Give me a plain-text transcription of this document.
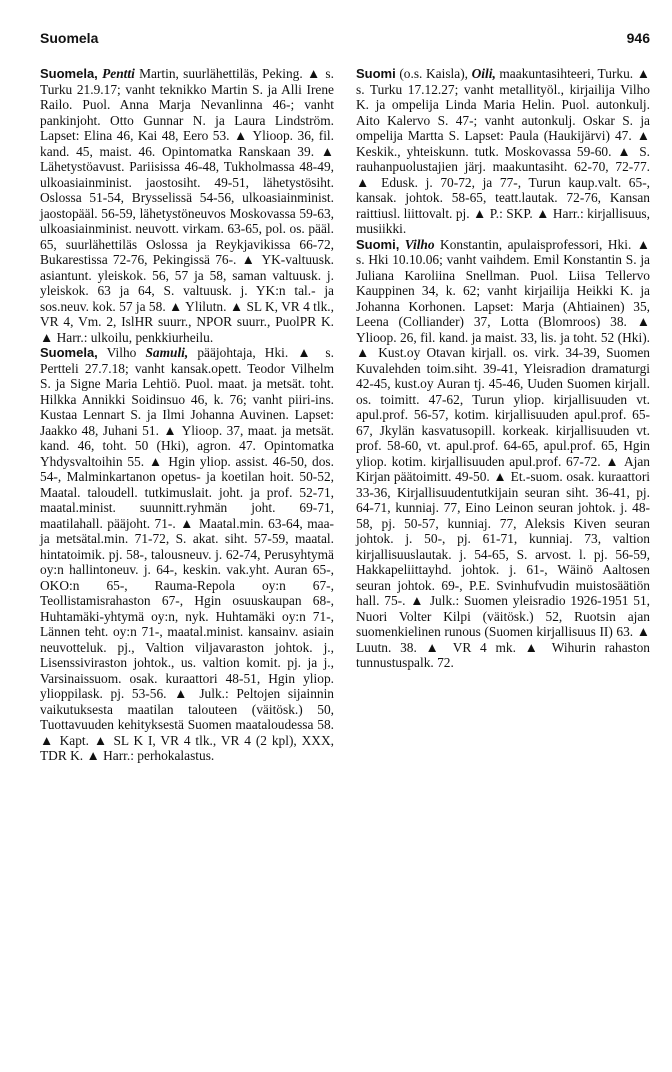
Suomela	946

Suomela, Pentti Martin, suurlähettiläs, Peking. ▲ s. Turku 21.9.17; vanht teknikko Martin S. ja Alli Irene Railo. Puol. Anna Marja Nevanlinna 46-; vanht pankinjoht. Otto Gunnar N. ja Laura Lindström. Lapset: Elina 46, Kai 48, Eero 53. ▲ Ylioop. 36, fil. kand. 45, maist. 46. Opintomatka Ranskaan 39. ▲ Lähetystöavust. Pariisissa 46-48, Tukholmassa 48-49, ulkoasiainminist. jaostosiht. 49-51, lähetystösiht. Oslossa 51-54, Brysselissä 54-56, ulkoasiainminist. jaostopääl. 56-59, lähetystöneuvos Moskovassa 59-63, ulkoasiainminist. neuvott. virkam. 63-65, pol. os. pääl. 65, suurlähettiläs Oslossa ja Reykjavikissa 66-72, Bukarestissa 72-76, Pekingissä 76-. ▲ YK-valtuusk. asiantunt. yleiskok. 56, 57 ja 58, saman valtuusk. j. yleiskok. 63 ja 64, S. valtuusk. j. YK:n tal.- ja sos.neuv. kok. 57 ja 58. ▲ Ylilutn. ▲ SL K, VR 4 tlk., VR 4, Vm. 2, IslHR suurr., NPOR suurr., PuolPR K. ▲ Harr.: ulkoilu, penkkiurheilu.

Suomela, Vilho Samuli, pääjohtaja, Hki. ▲ s. Pertteli 27.7.18; vanht kansak.opett. Teodor Vilhelm S. ja Signe Maria Lehtiö. Puol. maat. ja metsät. toht. Hilkka Annikki Soidinsuo 46, k. 76; vanht piiri-ins. Kustaa Lennart S. ja Ilmi Johanna Auvinen. Lapset: Jaakko 48, Juhani 51. ▲ Ylioop. 37, maat. ja metsät. kand. 46, toht. 50 (Hki), agron. 47. Opintomatka Yhdysvaltoihin 55. ▲ Hgin yliop. assist. 46-50, dos. 54-, Malminkartanon opetus- ja koetilan hoit. 50-52, Maatal. taloudell. tutkimuslait. joht. ja prof. 52-71, maatal.minist. suunnitt.ryhmän joht. 69-71, maatilahall. pääjoht. 71-. ▲ Maatal.min. 63-64, maa- ja metsätal.min. 71-72, S. akat. siht. 57-59, maatal. hintatoimik. pj. 58-, talousneuv. j. 62-74, Perusyhtymä oy:n hallintoneuv. j. 64-, keskin. vak.yht. Auran 65-, OKO:n 65-, Rauma-Repola oy:n 67-, Teollistamisrahaston 67-, Hgin osuuskaupan 68-, Huhtamäki-yhtymä oy:n, nyk. Huhtamäki oy:n 71-, Lännen teht. oy:n 71-, maatal.minist. kansainv. asiain neuvotteluk. pj., Valtion viljavaraston johtok. j., Lisenssiviraston johtok., us. valtion komit. pj. ja j., Varsinaissuom. osak. kuraattori 48-51, Hgin yliop. ylioppilask. pj. 53-56. ▲ Julk.: Peltojen sijainnin vaikutuksesta maatilan talouteen (väitösk.) 50, Tuottavuuden kehityksestä Suomen maataloudessa 58. ▲ Kapt. ▲ SL K I, VR 4 tlk., VR 4 (2 kpl), XXX, TDR K. ▲ Harr.: perhokalastus.

Suomi (o.s. Kaisla), Oili, maakuntasihteeri, Turku. ▲ s. Turku 17.12.27; vanht metallityöl., kirjailija Vilho K. ja ompelija Linda Maria Helin. Puol. autonkulj. Aito Kalervo S. 47-; vanht autonkulj. Oskar S. ja ompelija Martta S. Lapset: Paula (Haukijärvi) 47. ▲ Keskik., yhteiskunn. tutk. Moskovassa 59-60. ▲ S. rauhanpuolustajien järj. maakuntasiht. 62-70, 72-77. ▲ Edusk. j. 70-72, ja 77-, Turun kaup.valt. 65-, kansak. johtok. 58-65, teatt.lautak. 72-76, Kansan raittiusl. liittovalt. pj. ▲ P.: SKP. ▲ Harr.: kirjallisuus, musiikki.

Suomi, Vilho Konstantin, apulaisprofessori, Hki. ▲ s. Hki 10.10.06; vanht vaihdem. Emil Konstantin S. ja Juliana Karoliina Snellman. Puol. Liisa Tellervo Kauppinen 34, k. 62; vanht kirjailija Heikki K. ja Johanna Korhonen. Lapset: Marja (Ahtiainen) 35, Leena (Colliander) 37, Lotta (Blomroos) 38. ▲ Ylioop. 26, fil. kand. ja maist. 33, lis. ja toht. 52 (Hki). ▲ Kust.oy Otavan kirjall. os. virk. 34-39, Suomen Kuvalehden toim.siht. 39-41, Yleisradion dramaturgi 42-45, kust.oy Auran tj. 45-46, Uuden Suomen kirjall. os. toimitt. 47-62, Turun yliop. kirjallisuuden vt. apul.prof. 56-57, kotim. kirjallisuuden apul.prof. 65-67, Jkylän kasvatusopill. korkeak. kirjallisuuden vt. prof. 58-60, vt. apul.prof. 64-65, apul.prof. 65, Hgin yliop. kotim. kirjallisuuden apul.prof. 67-72. ▲ Ajan Kirjan päätoimitt. 49-50. ▲ Et.-suom. osak. kuraattori 33-36, Kirjallisuudentutkijain seuran siht. 36-41, pj. 64-71, kunniaj. 77, Eino Leinon seuran johtok. j. 48-58, pj. 50-57, kunniaj. 77, Aleksis Kiven seuran johtok. j. 50-, pj. 61-71, kunniaj. 73, valtion kirjallisuuslautak. j. 54-65, S. arvost. l. pj. 56-59, Hakkapeliittayhd. johtok. j. 61-, Wäinö Aaltosen seuran johtok. 69-, P.E. Svinhufvudin muistosäätiön hall. 75-. ▲ Julk.: Suomen yleisradio 1926-1951 51, Nuori Volter Kilpi (väitösk.) 52, Ruotsin ajan suomenkielinen runous (Suomen kirjallisuus II) 63. ▲ Luutn. 38. ▲ VR 4 mk. ▲ Wihurin rahaston tunnustuspalk. 72.
